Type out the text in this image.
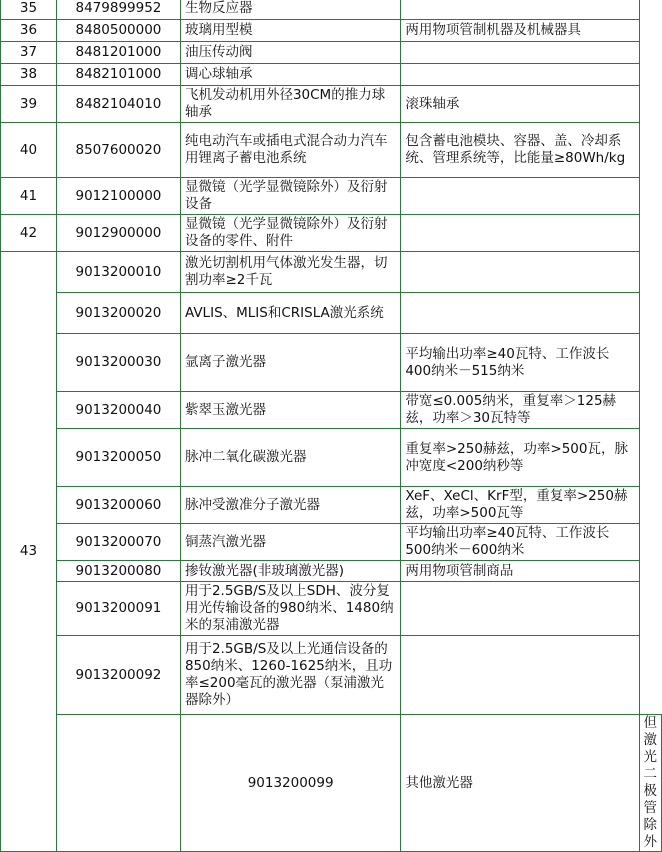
35	8479899952	生物反应器		
36	8480500000	玻璃用型模	两用物项管制机器及机械器具	
37	8481201000	油压传动阀		
38	8482101000	调心球轴承		
39	8482104010	飞机发动机用外径30CM的推力球轴承	滚珠轴承	
40	8507600020	纯电动汽车或插电式混合动力汽车用锂离子蓄电池系统	包含蓄电池模块、容器、盖、冷却系统、管理系统等，比能量≥80Wh/kg	
41	9012100000	显微镜（光学显微镜除外）及衍射设备		
42	9012900000	显微镜（光学显微镜除外）及衍射设备的零件、附件		
43	9013200010	激光切割机用气体激光发生器，切割功率≥2千瓦		
	9013200020	AVLIS、MLIS和CRISLA激光系统		
	9013200030	氩离子激光器	平均输出功率≥40瓦特、工作波长400纳米－515纳米	
	9013200040	紫翠玉激光器	带宽≤0.005纳米，重复率＞125赫兹，功率＞30瓦特等	
	9013200050	脉冲二氧化碳激光器	重复率>250赫兹，功率>500瓦，脉冲宽度<200纳秒等	
	9013200060	脉冲受激准分子激光器	XeF、XeCl、KrF型，重复率>250赫兹，功率>500瓦等	
	9013200070	铜蒸汽激光器	平均输出功率≥40瓦特、工作波长500纳米－600纳米	
	9013200080	掺钕激光器(非玻璃激光器)	两用物项管制商品	
	9013200091	用于2.5GB/S及以上SDH、波分复用光传输设备的980纳米、1480纳米的泵浦激光器		
	9013200092	用于2.5GB/S及以上光通信设备的850纳米、1260-1625纳米，且功率≤200毫瓦的激光器（泵浦激光器除外）		
		9013200099	其他激光器	但激光二极管除外
